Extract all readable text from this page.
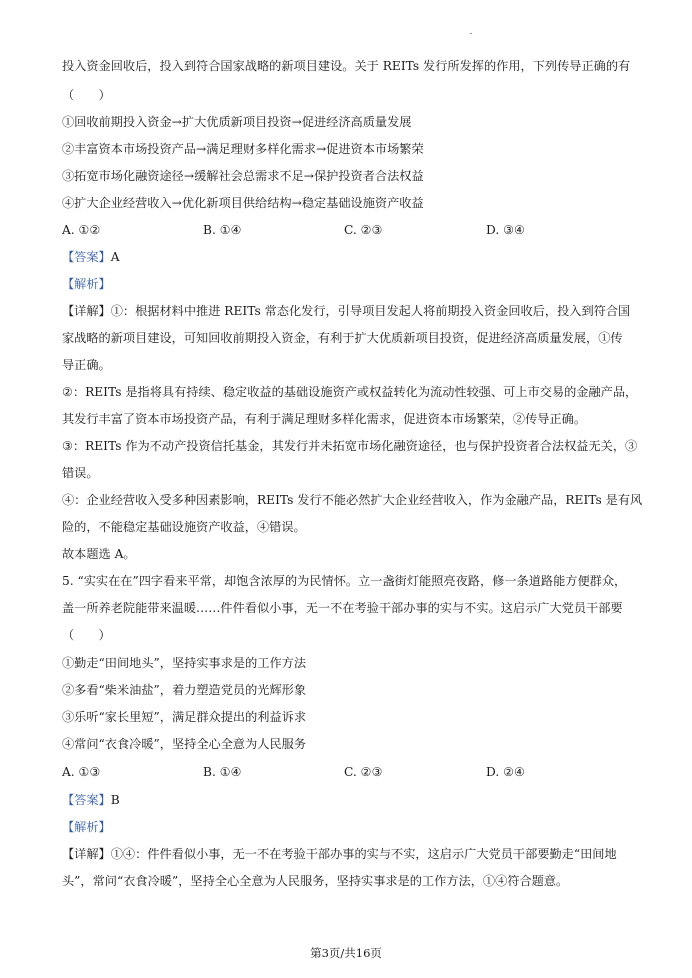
投入资金回收后，投入到符合国家战略的新项目建设。关于 REITs 发行所发挥的作用，下列传导正确的有
（　　）
①回收前期投入资金→扩大优质新项目投资→促进经济高质量发展
②丰富资本市场投资产品→满足理财多样化需求→促进资本市场繁荣
③拓宽市场化融资途径→缓解社会总需求不足→保护投资者合法权益
④扩大企业经营收入→优化新项目供给结构→稳定基础设施资产收益
A. ①②	B. ①④	C. ②③	D. ③④
【答案】A
【解析】
【详解】①：根据材料中推进 REITs 常态化发行，引导项目发起人将前期投入资金回收后，投入到符合国
家战略的新项目建设，可知回收前期投入资金，有利于扩大优质新项目投资，促进经济高质量发展，①传
导正确。
②：REITs 是指将具有持续、稳定收益的基础设施资产或权益转化为流动性较强、可上市交易的金融产品，
其发行丰富了资本市场投资产品，有利于满足理财多样化需求，促进资本市场繁荣，②传导正确。
③：REITs 作为不动产投资信托基金，其发行并未拓宽市场化融资途径，也与保护投资者合法权益无关，③
错误。
④：企业经营收入受多种因素影响，REITs 发行不能必然扩大企业经营收入，作为金融产品，REITs 是有风
险的，不能稳定基础设施资产收益，④错误。
故本题选 A。
5. “实实在在”四字看来平常，却饱含浓厚的为民情怀。立一盏街灯能照亮夜路，修一条道路能方便群众，
盖一所养老院能带来温暖……件件看似小事，无一不在考验干部办事的实与不实。这启示广大党员干部要
（　　）
①勤走“田间地头”，坚持实事求是的工作方法
②多看“柴米油盐”，着力塑造党员的光辉形象
③乐听“家长里短”，满足群众提出的利益诉求
④常问“衣食冷暖”，坚持全心全意为人民服务
A. ①③	B. ①④	C. ②③	D. ②④
【答案】B
【解析】
【详解】①④：件件看似小事，无一不在考验干部办事的实与不实，这启示广大党员干部要勤走“田间地
头”，常问“衣食冷暖”，坚持全心全意为人民服务，坚持实事求是的工作方法，①④符合题意。
第3页/共16页
